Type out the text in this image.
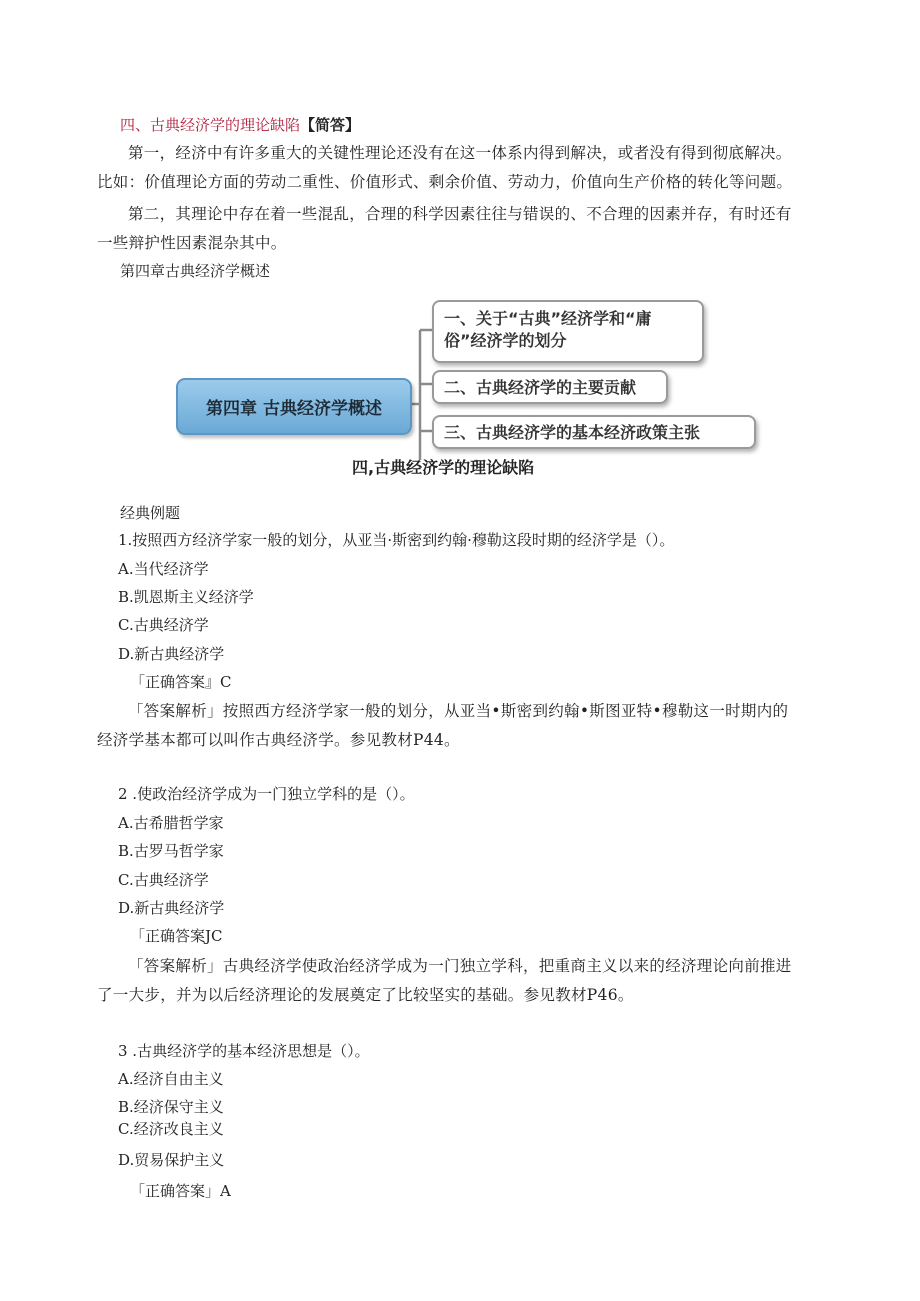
四、古典经济学的理论缺陷【简答】
第一，经济中有许多重大的关键性理论还没有在这一体系内得到解决，或者没有得到彻底解决。比如：价值理论方面的劳动二重性、价值形式、剩余价值、劳动力，价值向生产价格的转化等问题。
第二，其理论中存在着一些混乱，合理的科学因素往往与错误的、不合理的因素并存，有时还有一些辩护性因素混杂其中。
第四章古典经济学概述
第四章 古典经济学概述
一、关于“古典”经济学和“庸俗”经济学的划分
二、古典经济学的主要贡献
三、古典经济学的基本经济政策主张
四,古典经济学的理论缺陷
经典例题
1.按照西方经济学家一般的划分，从亚当·斯密到约翰·穆勒这段时期的经济学是（）。
A.当代经济学
B.凯恩斯主义经济学
C.古典经济学
D.新古典经济学
「正确答案』C
「答案解析」按照西方经济学家一般的划分，从亚当•斯密到约翰•斯图亚特•穆勒这一时期内的经济学基本都可以叫作古典经济学。参见教材P44。
2 .使政治经济学成为一门独立学科的是（）。
A.古希腊哲学家
B.古罗马哲学家
C.古典经济学
D.新古典经济学
「正确答案JC
「答案解析」古典经济学使政治经济学成为一门独立学科，把重商主义以来的经济理论向前推进了一大步，并为以后经济理论的发展奠定了比较坚实的基础。参见教材P46。
3 .古典经济学的基本经济思想是（）。
A.经济自由主义
B.经济保守主义
C.经济改良主义
D.贸易保护主义
「正确答案」A
